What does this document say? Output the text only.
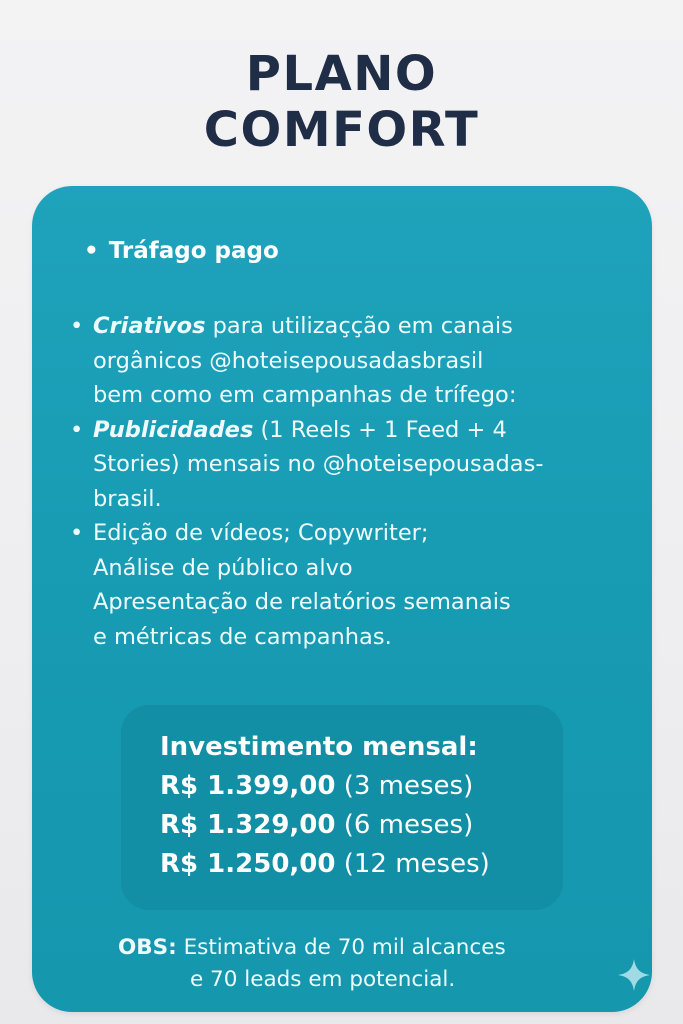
PLANO
COMFORT
• Tráfago pago
• Criativos para utilizaçção em canais
orgânicos @hoteisepousadasbrasil
bem como em campanhas de trífego:
• Publicidades (1 Reels + 1 Feed + 4
Stories) mensais no @hoteisepousadas-
brasil.
• Edição de vídeos; Copywriter;
Análise de público alvo
Apresentação de relatórios semanais
e métricas de campanhas.
Investimento mensal:
R$ 1.399,00 (3 meses)
R$ 1.329,00 (6 meses)
R$ 1.250,00 (12 meses)
OBS: Estimativa de 70 mil alcances
e 70 leads em potencial.
